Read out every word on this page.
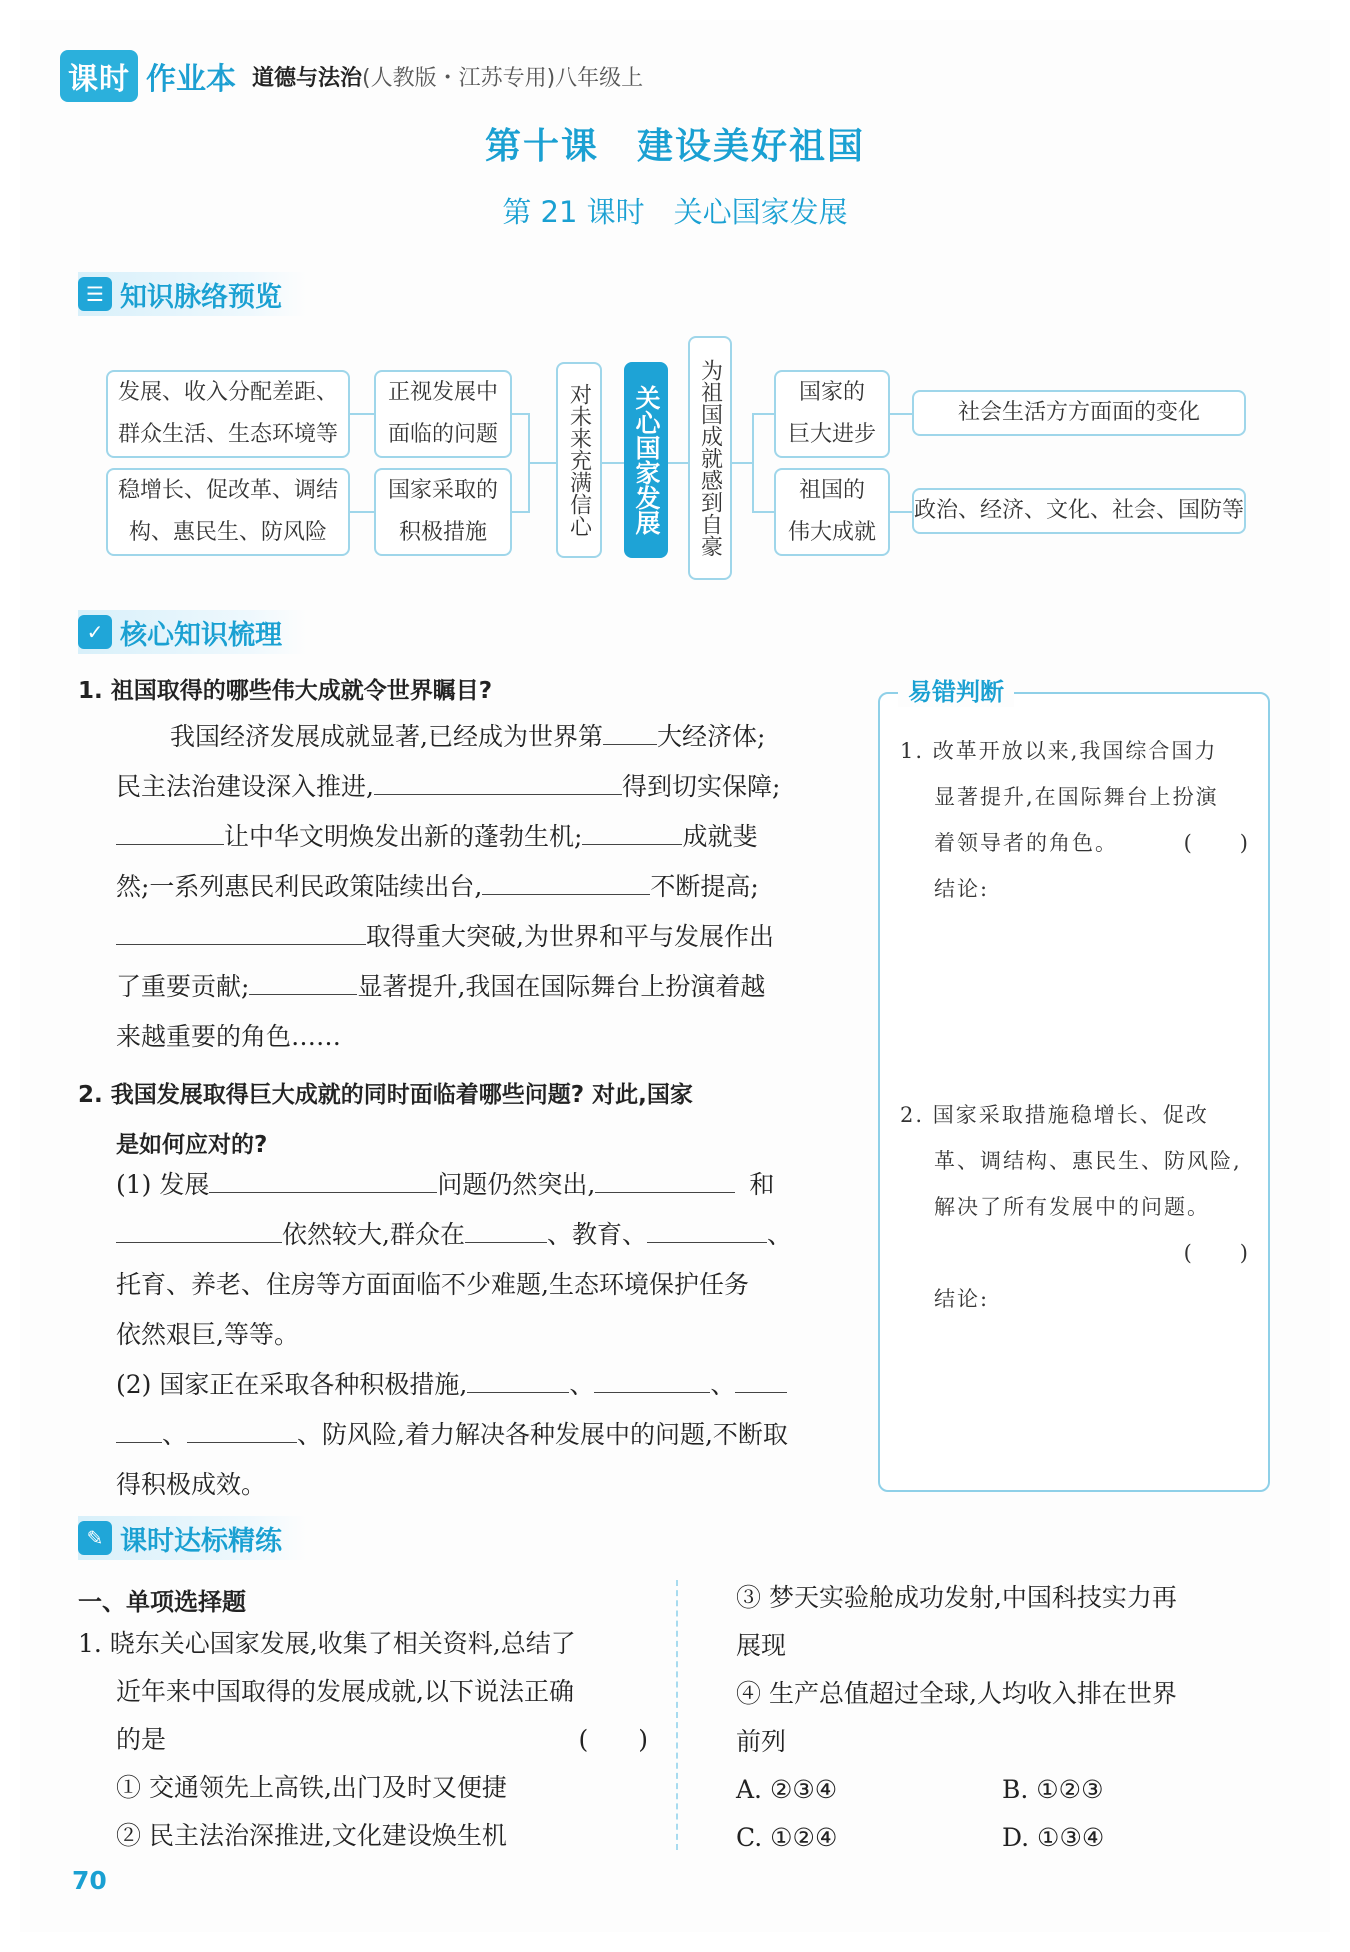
课时 作业本 道德与法治 (人教版・江苏专用)八年级上
第十课　建设美好祖国
第 21 课时　关心国家发展
☰ 知识脉络预览
发展、收入分配差距、
群众生活、生态环境等
稳增长、促改革、调结
构、惠民生、防风险
正视发展中
面临的问题
国家采取的
积极措施	对未来充满信心	关心国家发展	为祖国成就感到自豪	国家的
巨大进步
祖国的
伟大成就
社会生活方方面面的变化
政治、经济、文化、社会、国防等
✓ 核心知识梳理
1. 祖国取得的哪些伟大成就令世界瞩目?
我国经济发展成就显著,已经成为世界第 大经济体;
民主法治建设深入推进,	得到切实保障;
让中华文明焕发出新的蓬勃生机;	成就斐
然;一系列惠民利民政策陆续出台,	不断提高;
取得重大突破,为世界和平与发展作出
了重要贡献;	显著提升,我国在国际舞台上扮演着越
来越重要的角色……
2. 我国发展取得巨大成就的同时面临着哪些问题? 对此,国家
是如何应对的?
(1) 发展	问题仍然突出,	和
依然较大,群众在	、教育、	、
托育、养老、住房等方面面临不少难题,生态环境保护任务
依然艰巨,等等。
(2) 国家正在采取各种积极措施,	、	、
、	、防风险,着力解决各种发展中的问题,不断取
得积极成效。
易错判断
1. 改革开放以来,我国综合国力
显著提升,在国际舞台上扮演
着领导者的角色。	(　　)
结论:
2. 国家采取措施稳增长、促改
革、调结构、惠民生、防风险,
解决了所有发展中的问题。
(　　)
结论:
✎ 课时达标精练
一、单项选择题
1. 晓东关心国家发展,收集了相关资料,总结了
近年来中国取得的发展成就,以下说法正确
的是	(　　)
① 交通领先上高铁,出门及时又便捷
② 民主法治深推进,文化建设焕生机
③ 梦天实验舱成功发射,中国科技实力再
展现
④ 生产总值超过全球,人均收入排在世界
前列
A. ②③④	B. ①②③
C. ①②④	D. ①③④
70
